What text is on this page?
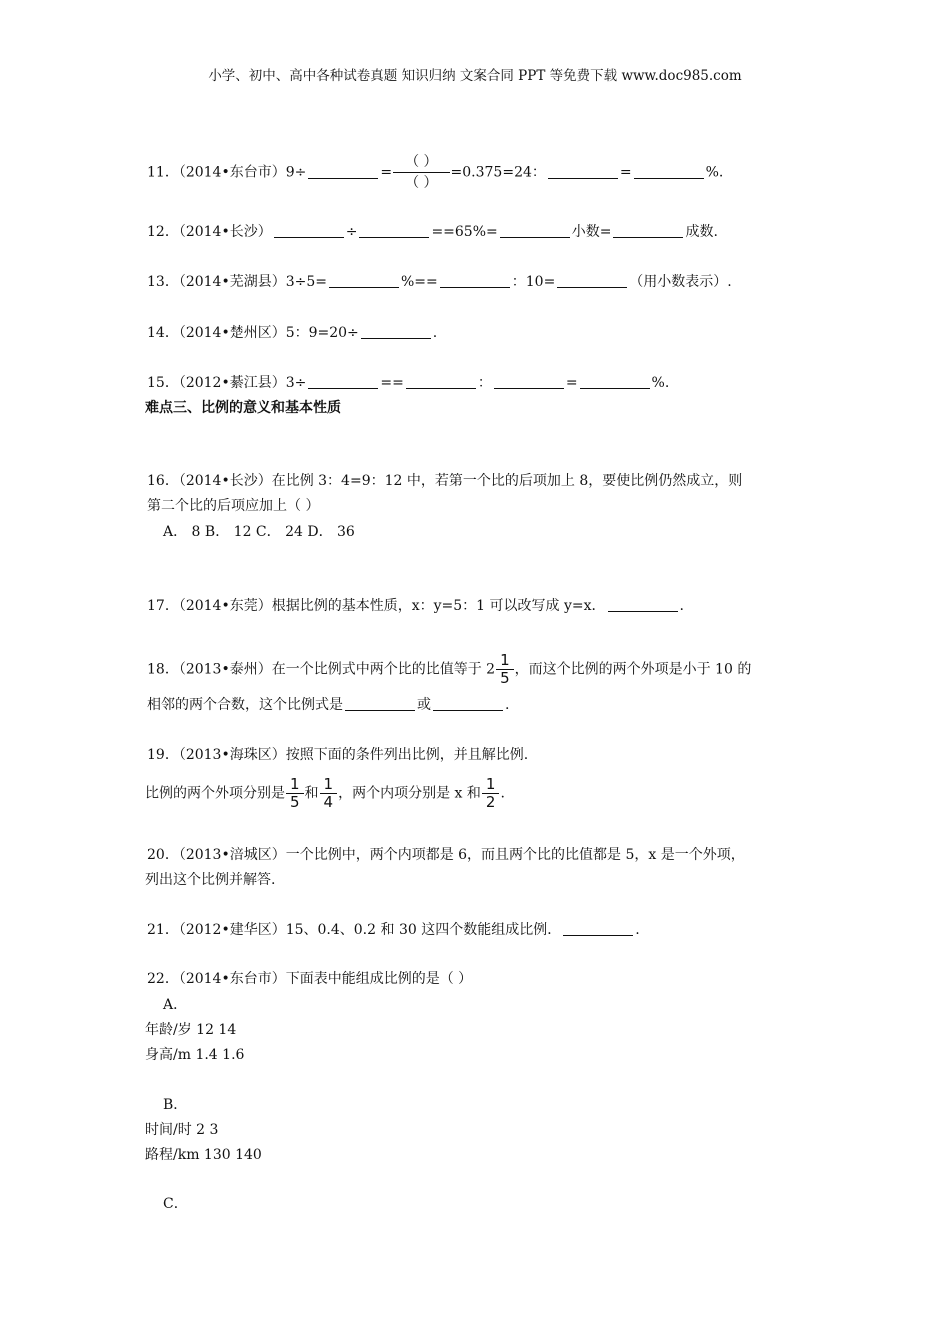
小学、初中、高中各种试卷真题 知识归纳 文案合同 PPT 等免费下载 www.doc985.com
11．（2014•东台市）9÷	= $\frac{( )}{( )} =0.375=24$：	=	%.
12．（2014•长沙）	÷	==65%=	小数=	成数.
13．（2014•芜湖县）3÷5=	%==	：10=	（用小数表示）.
14．（2014•楚州区）5：9=20÷	.
15．（2012•綦江县）3÷	==	：	=	%.
难点三、比例的意义和基本性质
16．（2014•长沙）在比例 3：4=9：12 中，若第一个比的后项加上 8，要使比例仍然成立，则
第二个比的后项应加上（ ）
A． 8 B． 12 C． 24 D． 36
17．（2014•东莞）根据比例的基本性质，x：y=5：1 可以改写成 y=x．	.
18．（2013•泰州）在一个比例式中两个比的比值等于 $2 \frac{1}{5}$ ，而这个比例的两个外项是小于 10 的
相邻的两个合数，这个比例式是	或	.
19．（2013•海珠区）按照下面的条件列出比例，并且解比例.
比例的两个外项分别是 $\frac{1}{5}$ 和 $\frac{1}{4}$ ，两个内项分别是 x 和 $\frac{1}{2}$ .
20．（2013•涪城区）一个比例中，两个内项都是 6，而且两个比的比值都是 5，x 是一个外项，
列出这个比例并解答.
21．（2012•建华区）15、0.4、0.2 和 30 这四个数能组成比例．	.
22．（2014•东台市）下面表中能组成比例的是（ ）
A．
年龄/岁 12 14
身高/m 1.4 1.6
B．
时间/时 2 3
路程/km 130 140
C．
